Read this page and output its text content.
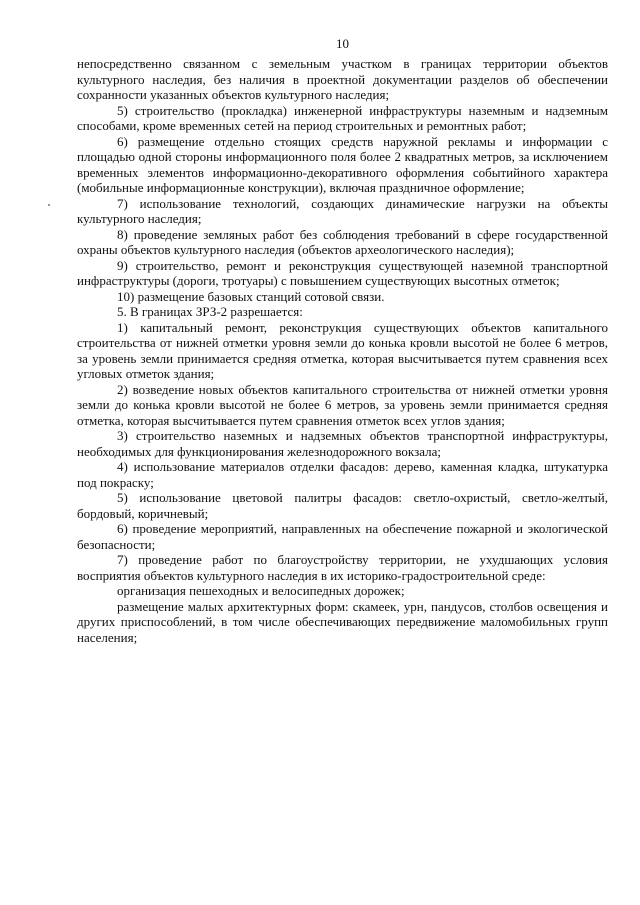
10

непосредственно связанном с земельным участком в границах территории объектов культурного наследия, без наличия в проектной документации разделов об обеспечении сохранности указанных объектов культурного наследия;

5) строительство (прокладка) инженерной инфраструктуры наземным и надземным способами, кроме временных сетей на период строительных и ремонтных работ;

6) размещение отдельно стоящих средств наружной рекламы и информации с площадью одной стороны информационного поля более 2 квадратных метров, за исключением временных элементов информационно-декоративного оформления событийного характера (мобильные информационные конструкции), включая праздничное оформление;

7) использование технологий, создающих динамические нагрузки на объекты культурного наследия;

8) проведение земляных работ без соблюдения требований в сфере государственной охраны объектов культурного наследия (объектов археологического наследия);

9) строительство, ремонт и реконструкция существующей наземной транспортной инфраструктуры (дороги, тротуары) с повышением существующих высотных отметок;

10) размещение базовых станций сотовой связи.

5. В границах ЗРЗ-2 разрешается:

1) капитальный ремонт, реконструкция существующих объектов капитального строительства от нижней отметки уровня земли до конька кровли высотой не более 6 метров, за уровень земли принимается средняя отметка, которая высчитывается путем сравнения всех угловых отметок здания;

2) возведение новых объектов капитального строительства от нижней отметки уровня земли до конька кровли высотой не более 6 метров, за уровень земли принимается средняя отметка, которая высчитывается путем сравнения отметок всех углов здания;

3) строительство наземных и надземных объектов транспортной инфраструктуры, необходимых для функционирования железнодорожного вокзала;

4) использование материалов отделки фасадов: дерево, каменная кладка, штукатурка под покраску;

5) использование цветовой палитры фасадов: светло-охристый, светло-желтый, бордовый, коричневый;

6) проведение мероприятий, направленных на обеспечение пожарной и экологической безопасности;

7) проведение работ по благоустройству территории, не ухудшающих условия восприятия объектов культурного наследия в их историко-градостроительной среде:

организация пешеходных и велосипедных дорожек;

размещение малых архитектурных форм: скамеек, урн, пандусов, столбов освещения и других приспособлений, в том числе обеспечивающих передвижение маломобильных групп населения;
